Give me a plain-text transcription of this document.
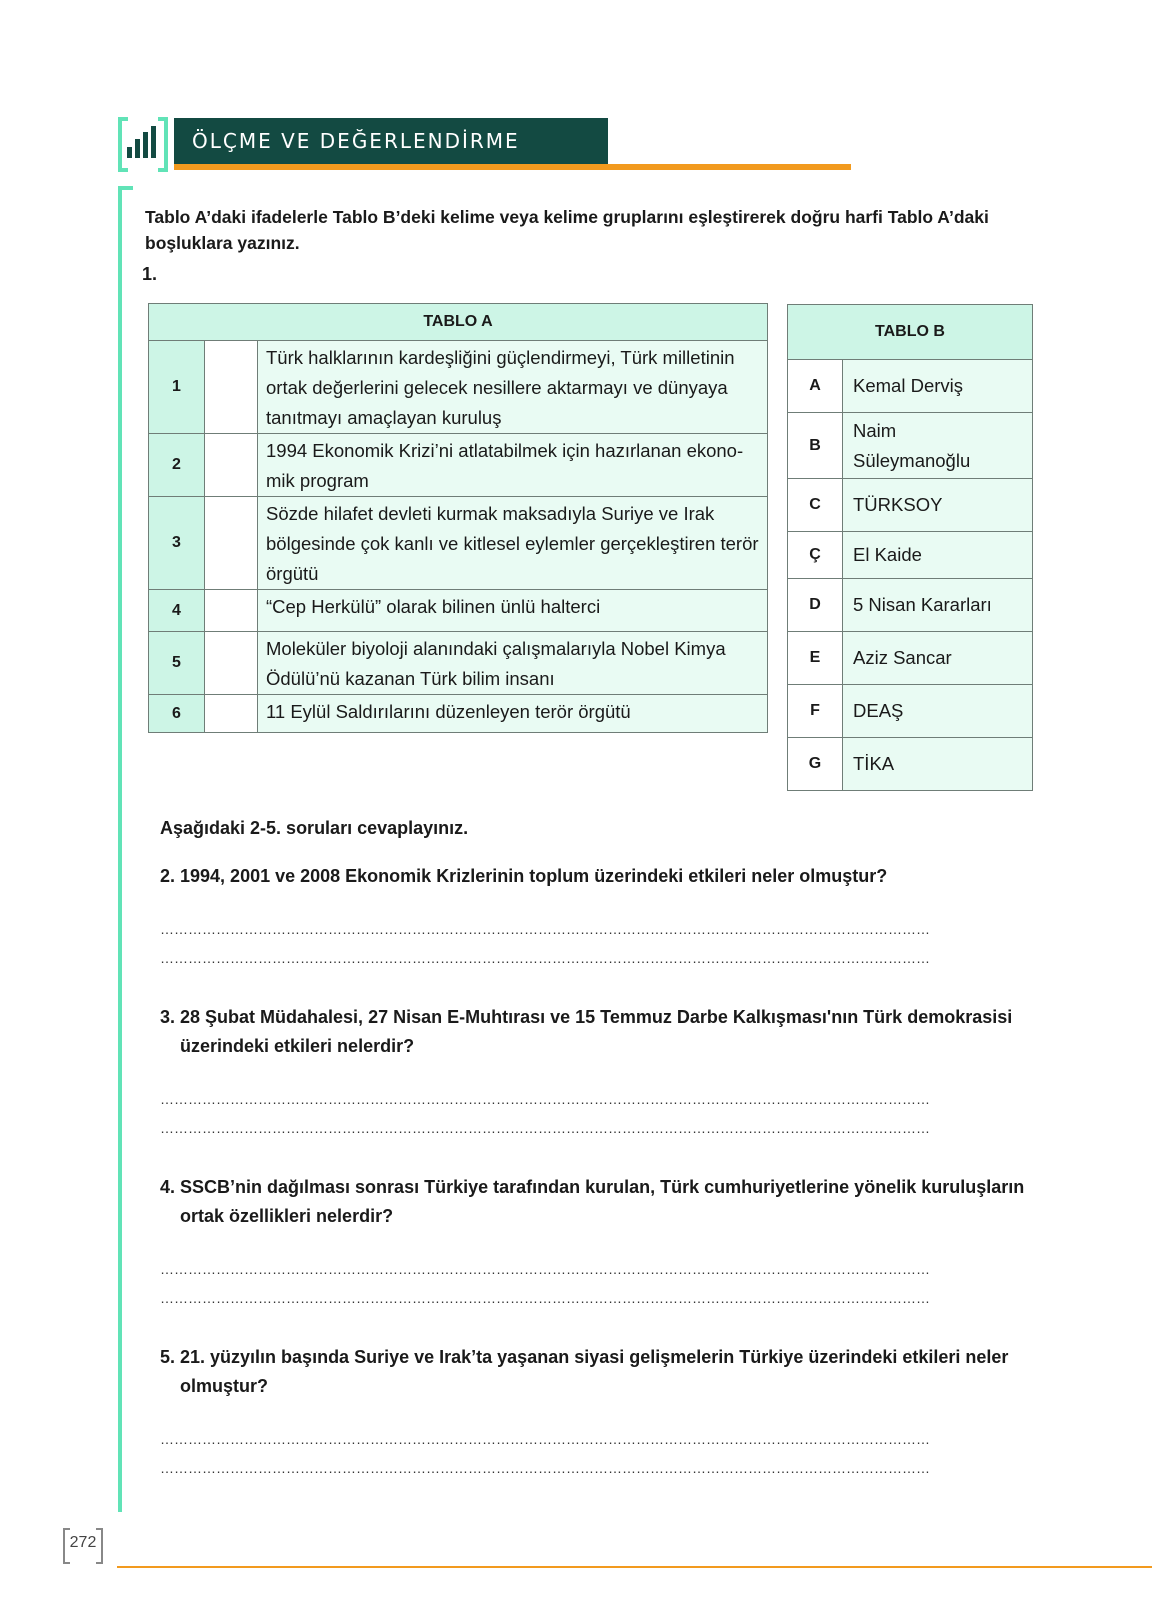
ÖLÇME VE DEĞERLENDİRME
Tablo A’daki ifadelerle Tablo B’deki kelime veya kelime gruplarını eşleştirerek doğru harfi Tablo A’daki boşluklara yazınız.
1.
TABLO A		
1		Türk halklarının kardeşliğini güçlendirmeyi, Türk milletinin ortak değerlerini gelecek nesillere aktarmayı ve dünyaya tanıtmayı amaçlayan kuruluş
2		1994 Ekonomik Krizi’ni atlatabilmek için hazırlanan ekono-mik program
3		Sözde hilafet devleti kurmak maksadıyla Suriye ve Irak bölgesinde çok kanlı ve kitlesel eylemler gerçekleştiren terör örgütü
4		“Cep Herkülü” olarak bilinen ünlü halterci
5		Moleküler biyoloji alanındaki çalışmalarıyla Nobel Kimya Ödülü’nü kazanan Türk bilim insanı
6		11 Eylül Saldırılarını düzenleyen terör örgütü
TABLO B	
A	Kemal Derviş
B	Naim Süleymanoğlu
C	TÜRKSOY
Ç	El Kaide
D	5 Nisan Kararları
E	Aziz Sancar
F	DEAŞ
G	TİKA
Aşağıdaki 2-5. soruları cevaplayınız.
2. 1994, 2001 ve 2008 Ekonomik Krizlerinin toplum üzerindeki etkileri neler olmuştur?
…………………………………………………………………………………………………………………………………………………
…………………………………………………………………………………………………………………………………………………
3. 28 Şubat Müdahalesi, 27 Nisan E-Muhtırası ve 15 Temmuz Darbe Kalkışması'nın Türk demokrasisi üzerindeki etkileri nelerdir?
…………………………………………………………………………………………………………………………………………………
…………………………………………………………………………………………………………………………………………………
4. SSCB’nin dağılması sonrası Türkiye tarafından kurulan, Türk cumhuriyetlerine yönelik kuruluşların ortak özellikleri nelerdir?
…………………………………………………………………………………………………………………………………………………
…………………………………………………………………………………………………………………………………………………
5. 21. yüzyılın başında Suriye ve Irak’ta yaşanan siyasi gelişmelerin Türkiye üzerindeki etkileri neler olmuştur?
…………………………………………………………………………………………………………………………………………………
…………………………………………………………………………………………………………………………………………………
272
